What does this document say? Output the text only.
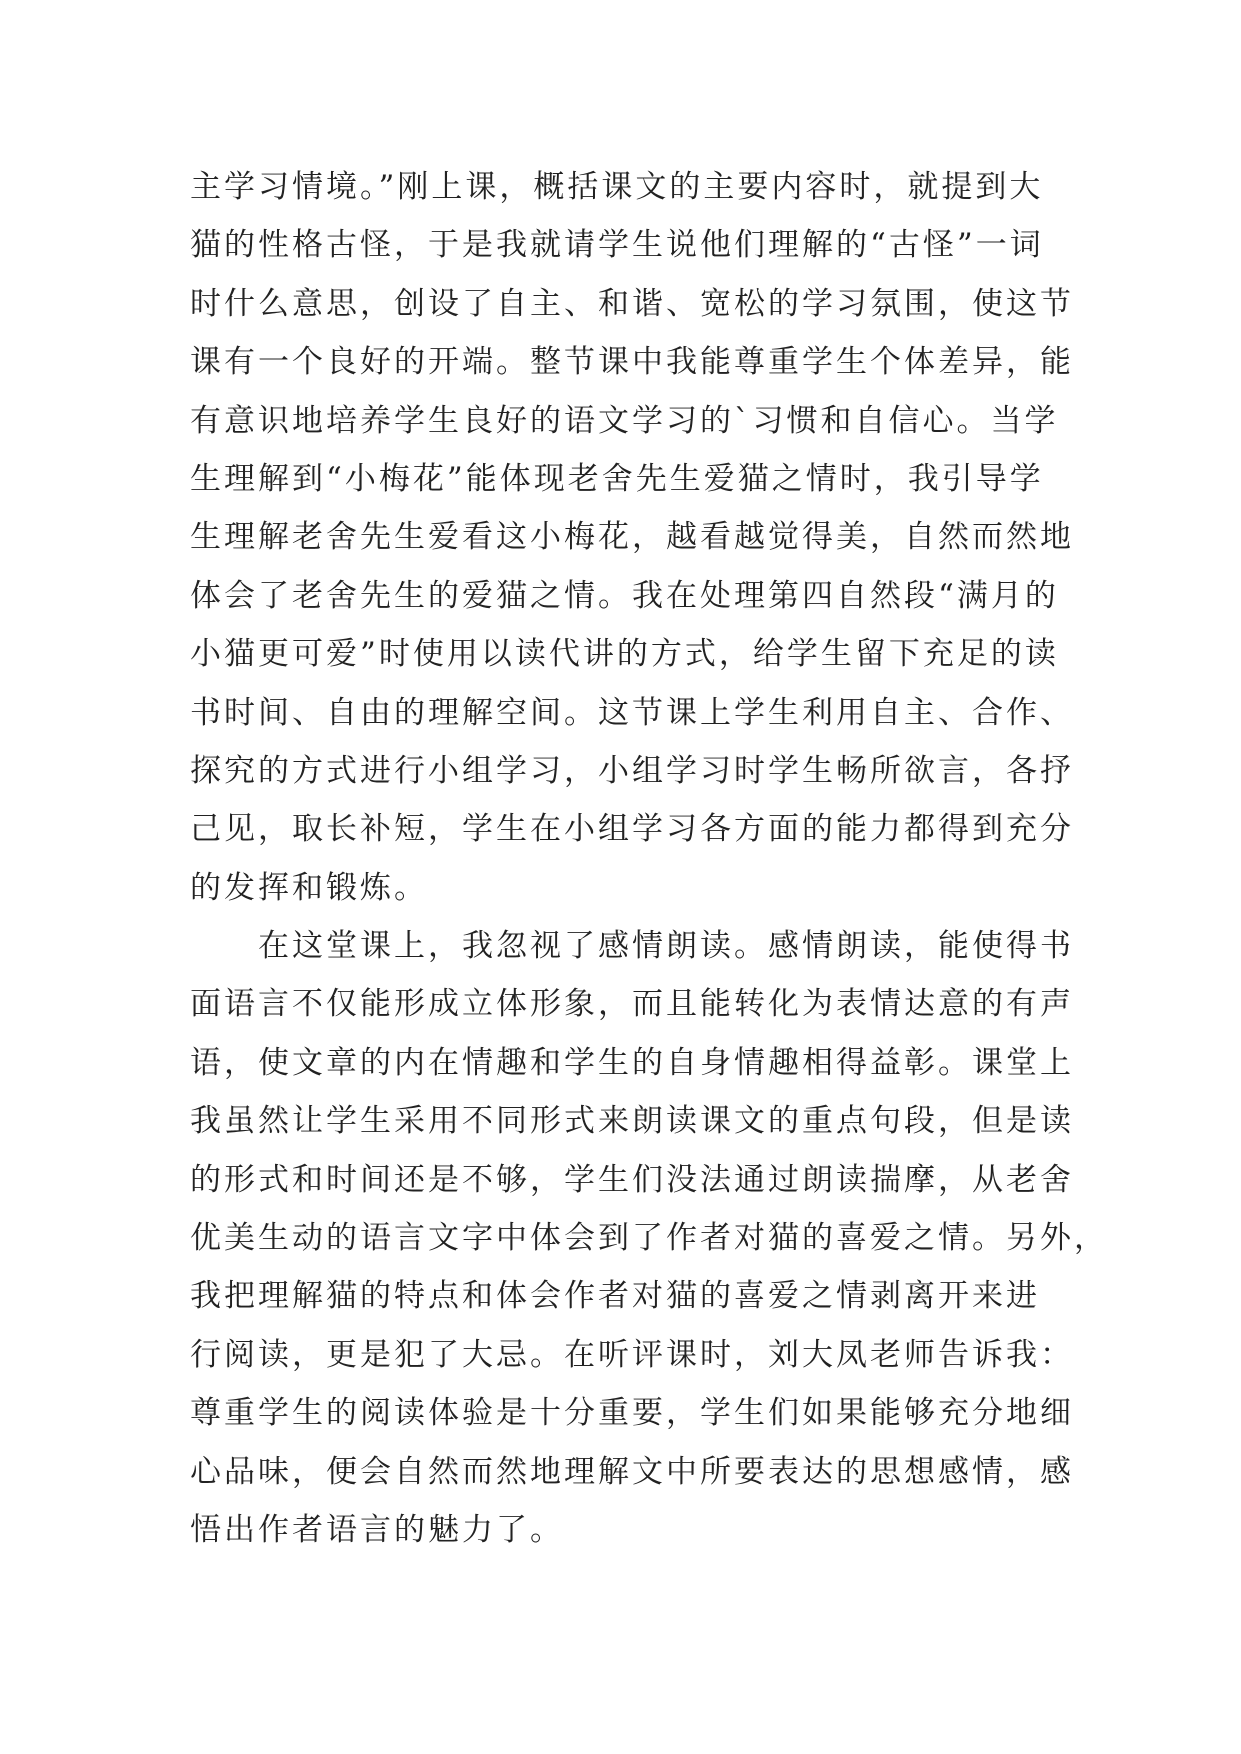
主学习情境。”刚上课，概括课文的主要内容时，就提到大
猫的性格古怪，于是我就请学生说他们理解的“古怪”一词
时什么意思，创设了自主、和谐、宽松的学习氛围，使这节
课有一个良好的开端。整节课中我能尊重学生个体差异，能
有意识地培养学生良好的语文学习的`习惯和自信心。当学
生理解到“小梅花”能体现老舍先生爱猫之情时，我引导学
生理解老舍先生爱看这小梅花，越看越觉得美，自然而然地
体会了老舍先生的爱猫之情。我在处理第四自然段“满月的
小猫更可爱”时使用以读代讲的方式，给学生留下充足的读
书时间、自由的理解空间。这节课上学生利用自主、合作、
探究的方式进行小组学习，小组学习时学生畅所欲言，各抒
己见，取长补短，学生在小组学习各方面的能力都得到充分
的发挥和锻炼。
　　在这堂课上，我忽视了感情朗读。感情朗读，能使得书
面语言不仅能形成立体形象，而且能转化为表情达意的有声
语，使文章的内在情趣和学生的自身情趣相得益彰。课堂上
我虽然让学生采用不同形式来朗读课文的重点句段，但是读
的形式和时间还是不够，学生们没法通过朗读揣摩，从老舍
优美生动的语言文字中体会到了作者对猫的喜爱之情。另外，
我把理解猫的特点和体会作者对猫的喜爱之情剥离开来进
行阅读，更是犯了大忌。在听评课时，刘大凤老师告诉我：
尊重学生的阅读体验是十分重要，学生们如果能够充分地细
心品味，便会自然而然地理解文中所要表达的思想感情，感
悟出作者语言的魅力了。
